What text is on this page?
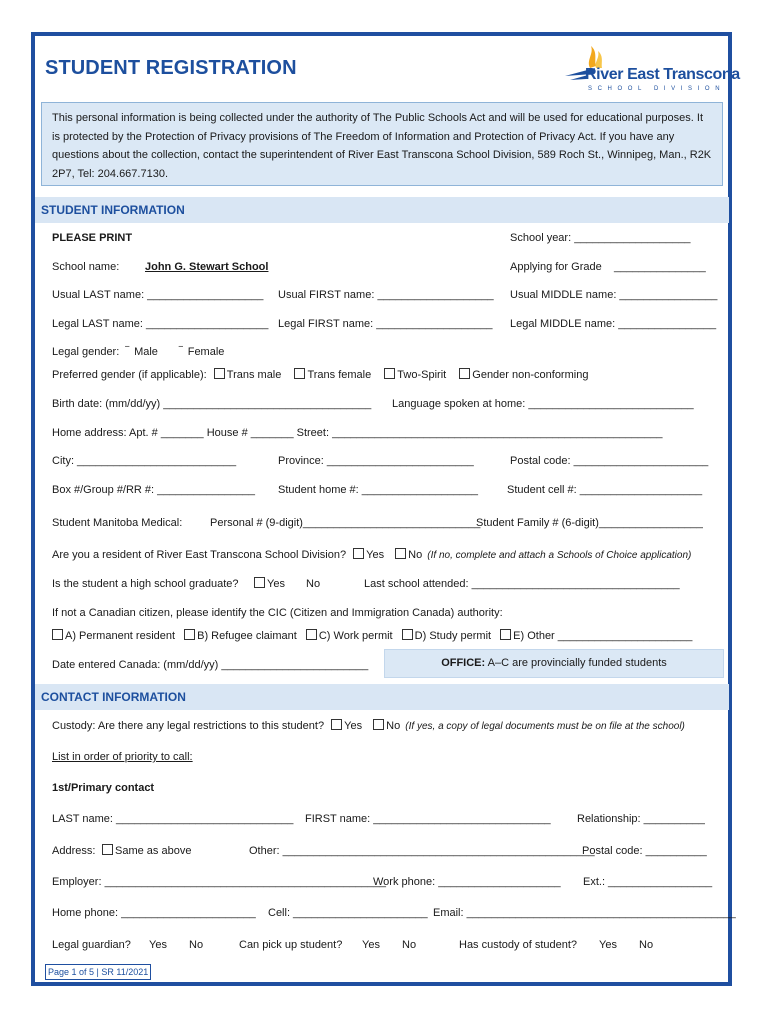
STUDENT REGISTRATION	River East Transcona
SCHOOL DIVISION
This personal information is being collected under the authority of The Public Schools Act and will be used for educational purposes. It is protected by the Protection of Privacy provisions of The Freedom of Information and Protection of Privacy Act. If you have any questions about the collection, contact the superintendent of River East Transcona School Division, 589 Roch St., Winnipeg, Man., R2K 2P7, Tel: 204.667.7130.
STUDENT INFORMATION
PLEASE PRINT	School year: ___________________
School name: John G. Stewart School	Applying for Grade _______________
Usual LAST name: ___________________ Usual FIRST name: ___________________ Usual MIDDLE name: ________________
Legal LAST name: ____________________ Legal FIRST name: ___________________ Legal MIDDLE name: ________________
Legal gender: ‾ Male ‾ Female
Preferred gender (if applicable): Trans male Trans female Two-Spirit Gender non-conforming
Birth date: (mm/dd/yy) __________________________________ Language spoken at home: ___________________________
Home address: Apt. # _______ House # _______ Street: ______________________________________________________
City: __________________________	Province: ________________________	Postal code: ______________________
Box #/Group #/RR #: ________________ Student home #: ___________________	Student cell #: ____________________
Student Manitoba Medical:	Personal # (9-digit)_____________________________
Student Family # (6-digit)_________________
Are you a resident of River East Transcona School Division? Yes No (If no, complete and attach a Schools of Choice application)
Is the student a high school graduate?	Yes No	Last school attended: __________________________________
If not a Canadian citizen, please identify the CIC (Citizen and Immigration Canada) authority:
A) Permanent resident B) Refugee claimant C) Work permit D) Study permit E) Other ______________________
Date entered Canada: (mm/dd/yy) ________________________	OFFICE: A–C are provincially funded students
CONTACT INFORMATION
Custody: Are there any legal restrictions to this student? Yes No (If yes, a copy of legal documents must be on file at the school)
List in order of priority to call:
1st/Primary contact
LAST name: _____________________________ FIRST name: _____________________________ Relationship: __________
Address:	Same as above	Other: ___________________________________________________
Postal code: __________
Employer: ______________________________________________
Work phone: ____________________ Ext.: _________________
Home phone: ______________________ Cell: ______________________ Email: ____________________________________________
Legal guardian? Yes No	Can pick up student? Yes No	Has custody of student? Yes No
Page 1 of 5 | SR 11/2021
